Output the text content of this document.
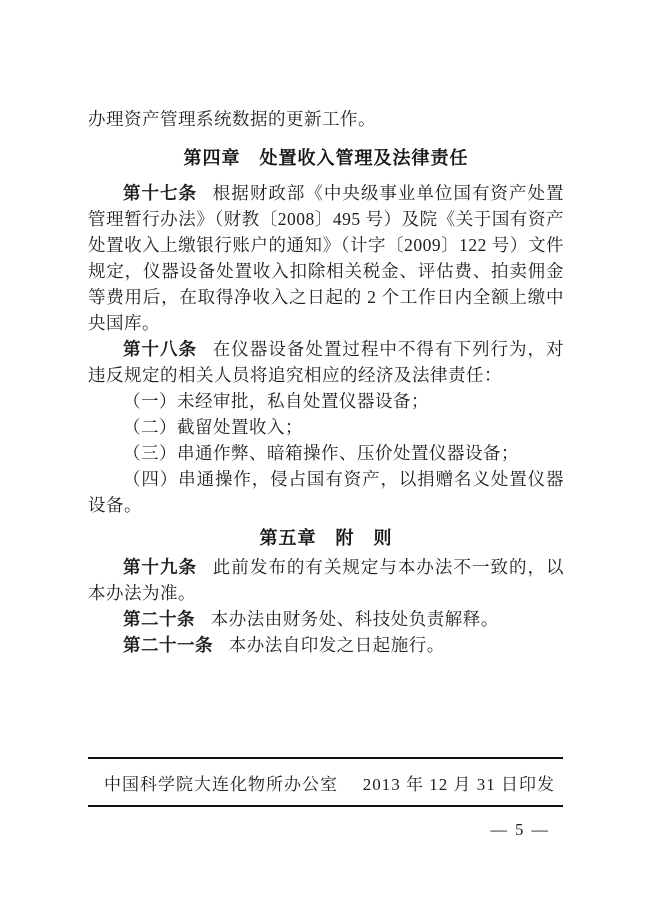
办理资产管理系统数据的更新工作。

第四章　处置收入管理及法律责任

第十七条 根据财政部《中央级事业单位国有资产处置管理暂行办法》（财教〔2008〕495 号）及院《关于国有资产处置收入上缴银行账户的通知》（计字〔2009〕122 号）文件规定，仪器设备处置收入扣除相关税金、评估费、拍卖佣金等费用后，在取得净收入之日起的 2 个工作日内全额上缴中央国库。

第十八条 在仪器设备处置过程中不得有下列行为，对违反规定的相关人员将追究相应的经济及法律责任：

（一）未经审批，私自处置仪器设备；

（二）截留处置收入；

（三）串通作弊、暗箱操作、压价处置仪器设备；

（四）串通操作，侵占国有资产，以捐赠名义处置仪器设备。

第五章　附　则

第十九条 此前发布的有关规定与本办法不一致的，以本办法为准。

第二十条 本办法由财务处、科技处负责解释。

第二十一条 本办法自印发之日起施行。

中国科学院大连化物所办公室 2013 年 12 月 31 日印发
— 5 —
